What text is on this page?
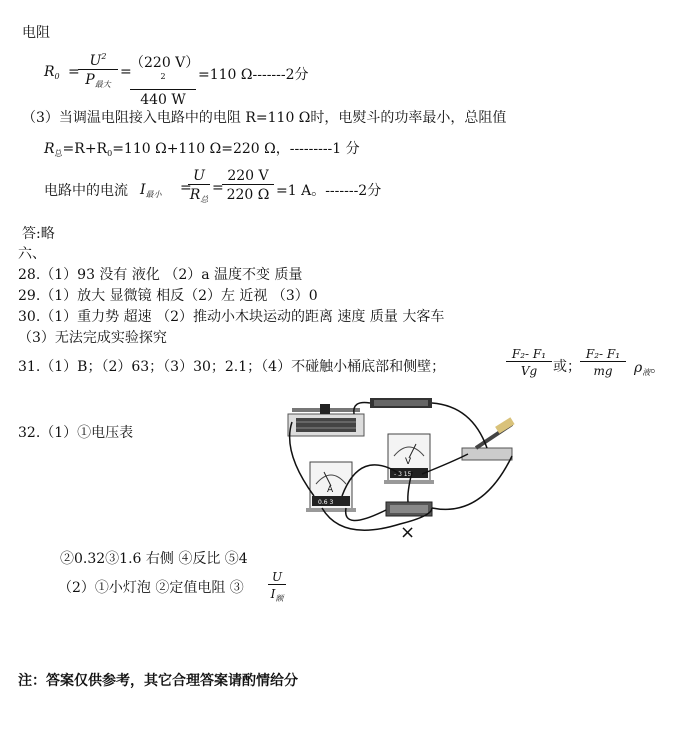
电阻
$R_0$ =
$U^2$
$P_{最大}$
=
（220 V）$^2$
440 W
=110 Ω-------2分
（3）当调温电阻接入电路中的电阻 R=110 Ω时，电熨斗的功率最小，总阻值
$R_总=R+R_0=110$ Ω+110 Ω=220 Ω，---------1 分
电路中的电流 $I_{最小}$ =
U
$R_总$
=
220 V
220 Ω =1 A。-------2分
答:略
六、
28.（1）93 没有 液化 （2）a 温度不变 质量
29.（1）放大 显微镜 相反（2）左 近视 （3）0
30.（1）重力势 超速 （2）推动小木块运动的距离 速度 质量 大客车
（3）无法完成实验探究
31.（1）B；（2）63；（3）30；2.1；（4）不碰触小桶底部和侧壁；
F₂- F₁
Vg	或；
F₂- F₁
mg	$\rho_液$。
32.（1）①电压表
A
0.6 3
V
- 3 15
×
②0.32③1.6 右侧 ④反比 ⑤4
（2）①小灯泡 ②定值电阻 ③
U
$I_额$
注：答案仅供参考，其它合理答案请酌情给分
